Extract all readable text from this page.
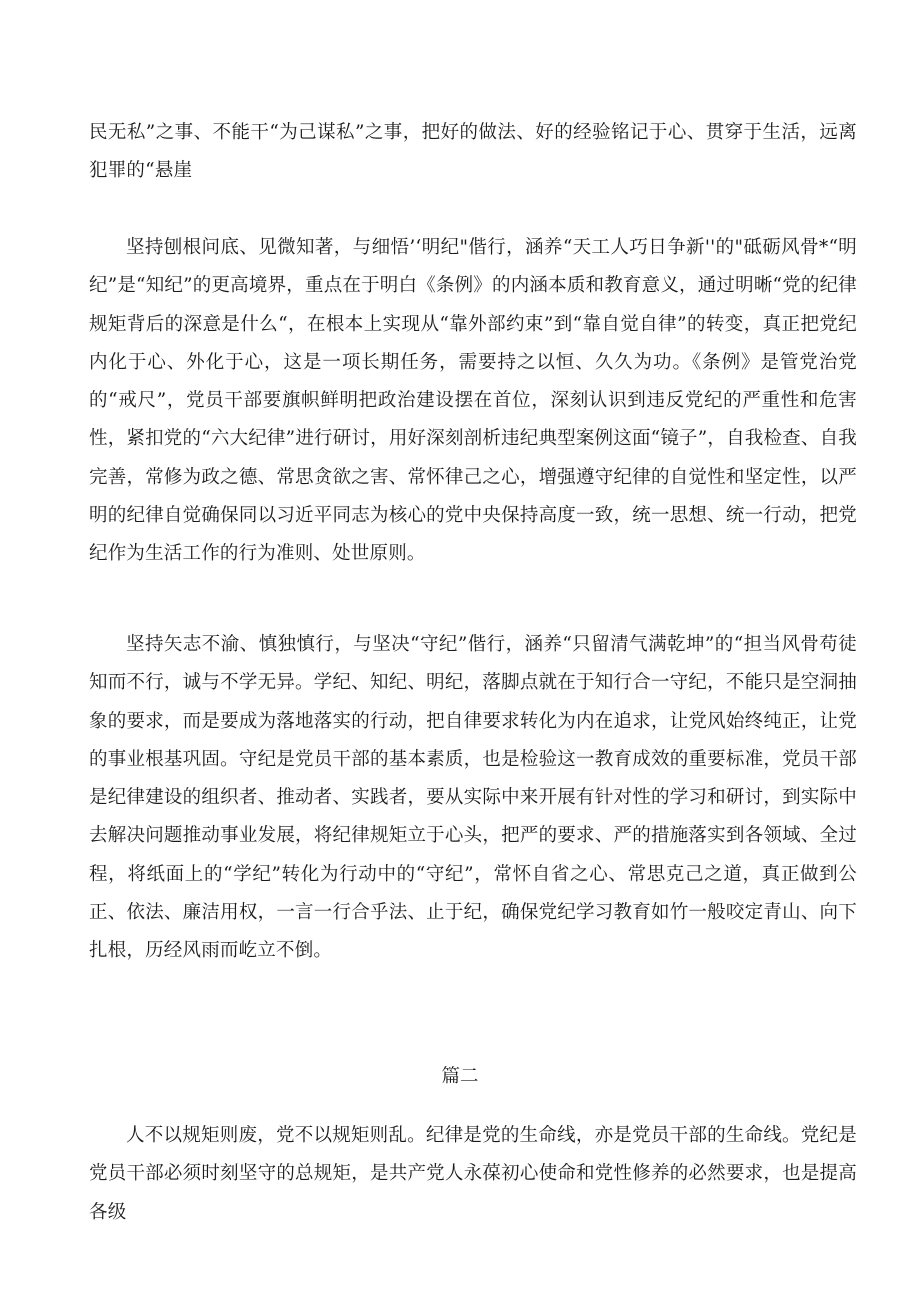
民无私”之事、不能干“为己谋私”之事，把好的做法、好的经验铭记于心、贯穿于生活，远离犯罪的“悬崖

坚持刨根问底、见微知著，与细悟’‘明纪"偕行，涵养“天工人巧日争新''的"砥砺风骨*“明纪”是“知纪”的更高境界，重点在于明白《条例》的内涵本质和教育意义，通过明晰“党的纪律规矩背后的深意是什么“，在根本上实现从“靠外部约束”到“靠自觉自律”的转变，真正把党纪内化于心、外化于心，这是一项长期任务，需要持之以恒、久久为功。《条例》是管党治党的“戒尺”，党员干部要旗帜鲜明把政治建设摆在首位，深刻认识到违反党纪的严重性和危害性，紧扣党的“六大纪律”进行研讨，用好深刻剖析违纪典型案例这面“镜子”，自我检查、自我完善，常修为政之德、常思贪欲之害、常怀律己之心，增强遵守纪律的自觉性和坚定性，以严明的纪律自觉确保同以习近平同志为核心的党中央保持高度一致，统一思想、统一行动，把党纪作为生活工作的行为准则、处世原则。

坚持矢志不渝、慎独慎行，与坚决“守纪”偕行，涵养“只留清气满乾坤”的“担当风骨苟徒知而不行，诚与不学无异。学纪、知纪、明纪，落脚点就在于知行合一守纪，不能只是空洞抽象的要求，而是要成为落地落实的行动，把自律要求转化为内在追求，让党风始终纯正，让党的事业根基巩固。守纪是党员干部的基本素质，也是检验这一教育成效的重要标准，党员干部是纪律建设的组织者、推动者、实践者，要从实际中来开展有针对性的学习和研讨，到实际中去解决问题推动事业发展，将纪律规矩立于心头，把严的要求、严的措施落实到各领域、全过程，将纸面上的“学纪”转化为行动中的“守纪”，常怀自省之心、常思克己之道，真正做到公正、依法、廉洁用权，一言一行合乎法、止于纪，确保党纪学习教育如竹一般咬定青山、向下扎根，历经风雨而屹立不倒。

篇二

人不以规矩则废，党不以规矩则乱。纪律是党的生命线，亦是党员干部的生命线。党纪是党员干部必须时刻坚守的总规矩，是共产党人永葆初心使命和党性修养的必然要求，也是提高各级
